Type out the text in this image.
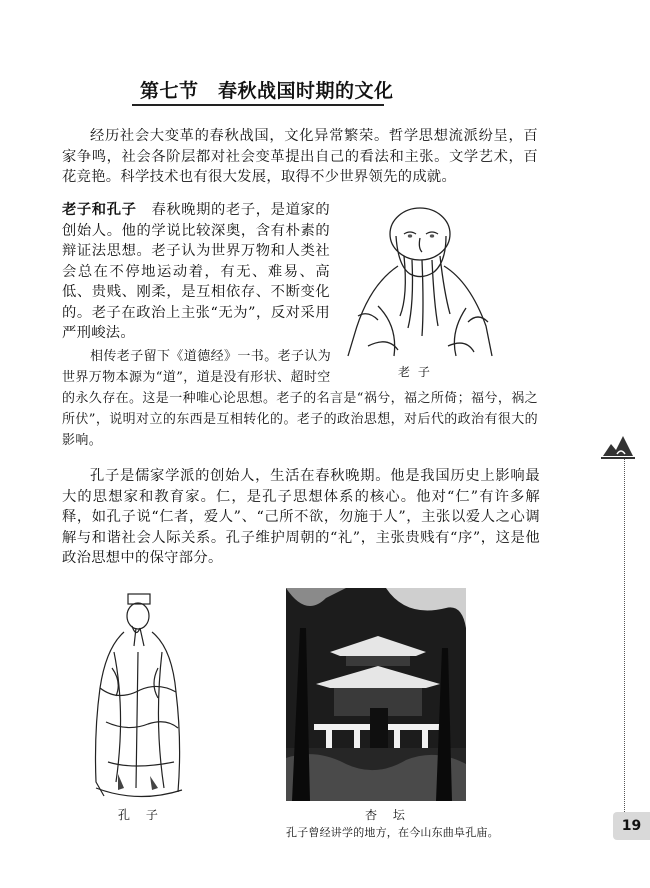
第七节　春秋战国时期的文化

经历社会大变革的春秋战国，文化异常繁荣。哲学思想流派纷呈，百家争鸣，社会各阶层都对社会变革提出自己的看法和主张。文学艺术，百花竞艳。科学技术也有很大发展，取得不少世界领先的成就。

老子和孔子　 春秋晚期的老子，是道家的创始人。他的学说比较深奥，含有朴素的辩证法思想。老子认为世界万物和人类社会总在不停地运动着，有无、难易、高低、贵贱、刚柔，是互相依存、不断变化的。老子在政治上主张“无为”，反对采用严刑峻法。

老 子

相传老子留下《道德经》一书。老子认为世界万物本源为“道”，道是没有形状、超时空

的永久存在。这是一种唯心论思想。老子的名言是“祸兮，福之所倚；福兮，祸之所伏”，说明对立的东西是互相转化的。老子的政治思想，对后代的政治有很大的影响。

孔子是儒家学派的创始人，生活在春秋晚期。他是我国历史上影响最大的思想家和教育家。仁，是孔子思想体系的核心。他对“仁”有许多解释，如孔子说“仁者，爱人”、“己所不欲，勿施于人”，主张以爱人之心调解与和谐社会人际关系。孔子维护周朝的“礼”，主张贵贱有“序”，这是他政治思想中的保守部分。

孔 子	杏 坛
孔子曾经讲学的地方，在今山东曲阜孔庙。	19
